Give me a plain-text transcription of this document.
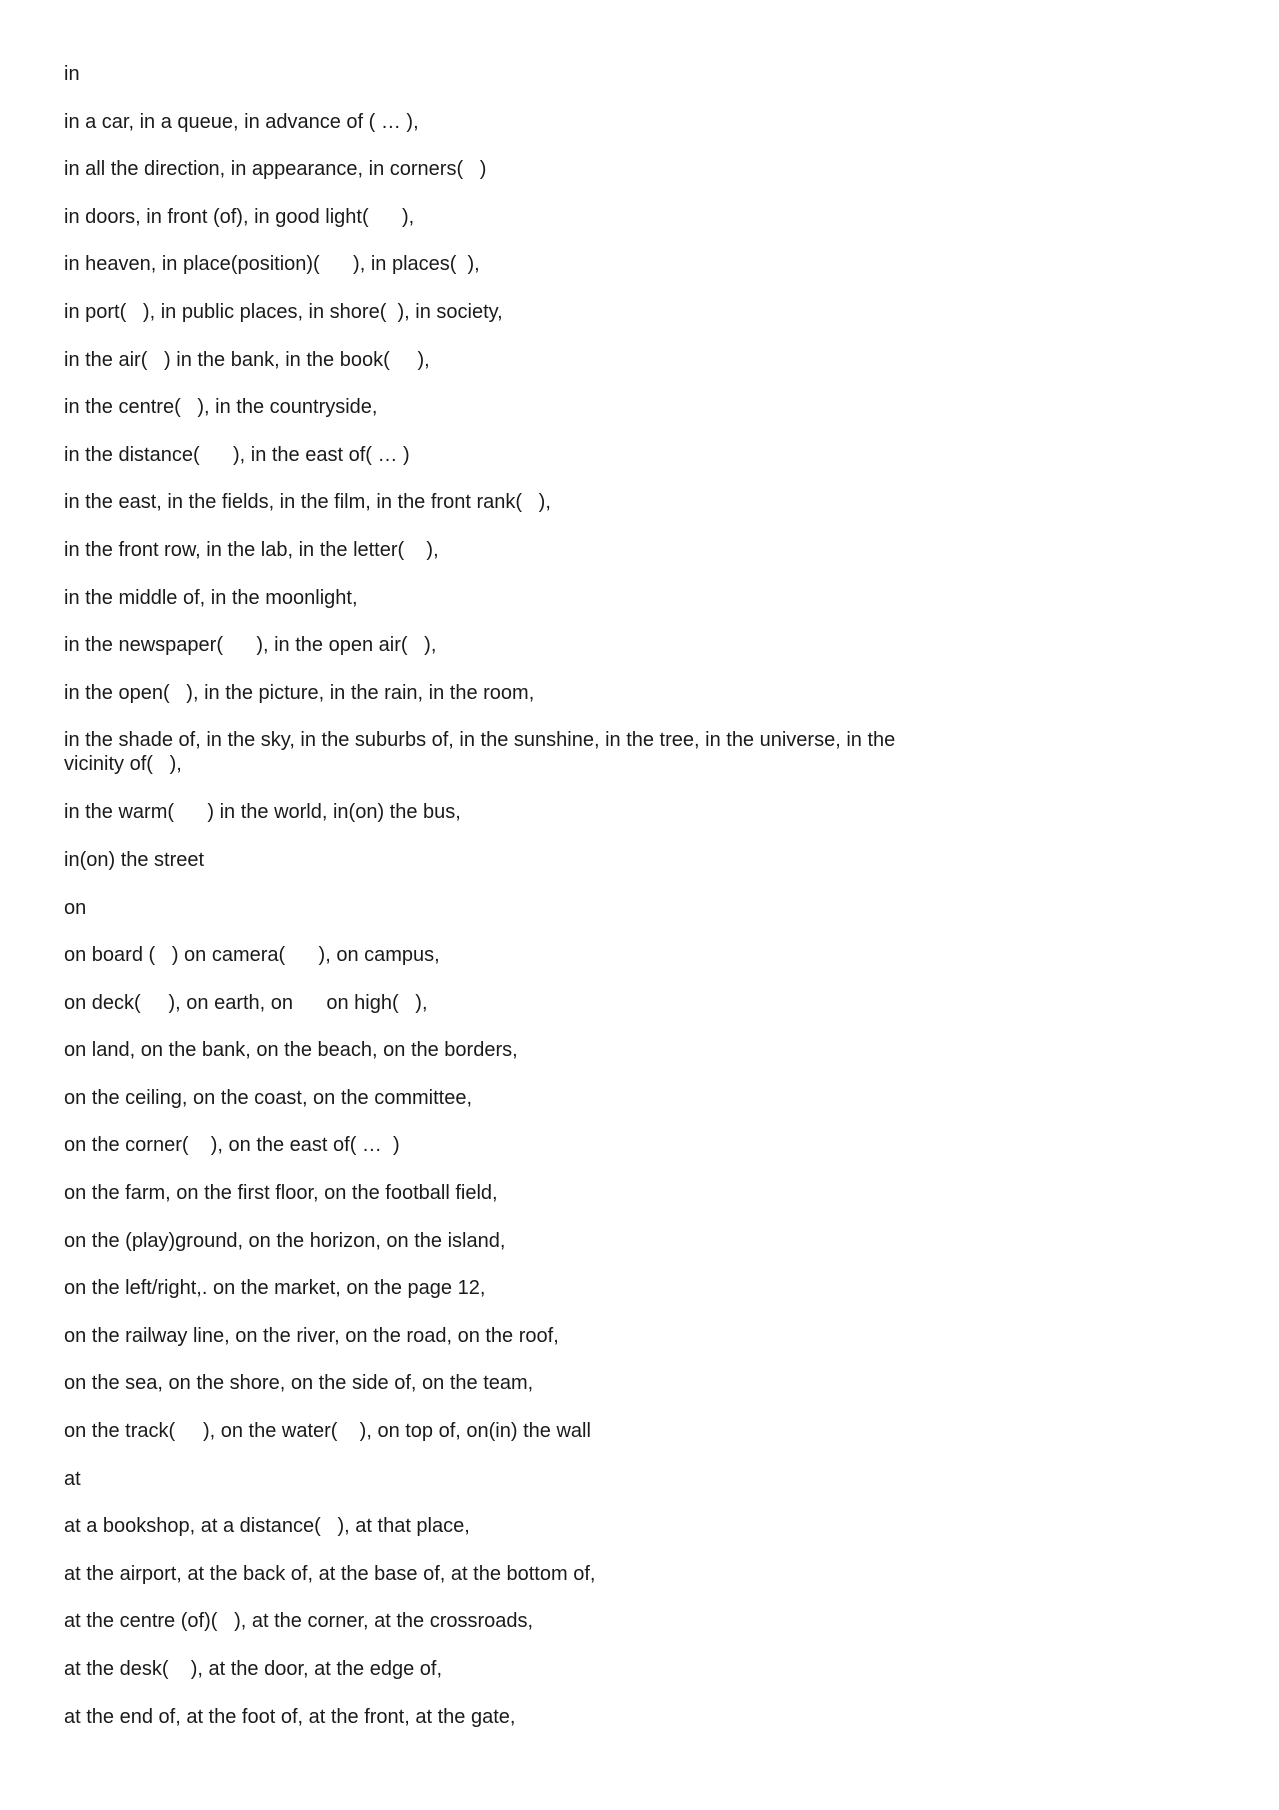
in

in a car, in a queue, in advance of ( … ),

in all the direction, in appearance, in corners(   )

in doors, in front (of), in good light(      ),

in heaven, in place(position)(      ), in places(  ),

in port(   ), in public places, in shore(  ), in society,

in the air(   ) in the bank, in the book(     ),

in the centre(   ), in the countryside,

in the distance(      ), in the east of( … )

in the east, in the fields, in the film, in the front rank(   ),

in the front row, in the lab, in the letter(    ),

in the middle of, in the moonlight,

in the newspaper(      ), in the open air(   ),

in the open(   ), in the picture, in the rain, in the room,

in the shade of, in the sky, in the suburbs of, in the sunshine, in the tree, in the universe, in the vicinity of(   ),

in the warm(      ) in the world, in(on) the bus,

in(on) the street

on

on board (   ) on camera(      ), on campus,

on deck(     ), on earth, on      on high(   ),

on land, on the bank, on the beach, on the borders,

on the ceiling, on the coast, on the committee,

on the corner(    ), on the east of( …  )

on the farm, on the first floor, on the football field,

on the (play)ground, on the horizon, on the island,

on the left/right,. on the market, on the page 12,

on the railway line, on the river, on the road, on the roof,

on the sea, on the shore, on the side of, on the team,

on the track(     ), on the water(    ), on top of, on(in) the wall

at

at a bookshop, at a distance(   ), at that place,

at the airport, at the back of, at the base of, at the bottom of,

at the centre (of)(   ), at the corner, at the crossroads,

at the desk(    ), at the door, at the edge of,

at the end of, at the foot of, at the front, at the gate,
